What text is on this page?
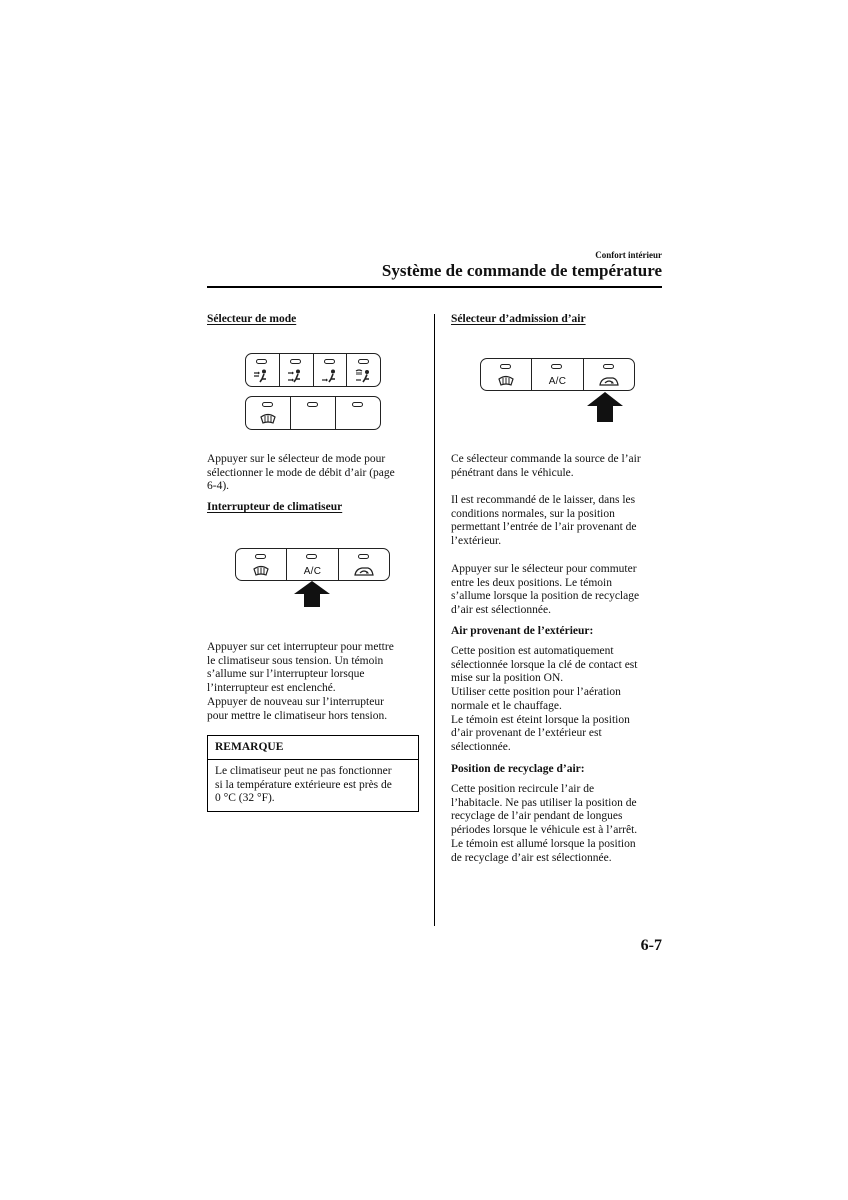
Confort intérieur
Système de commande de température
Sélecteur de mode

Appuyer sur le sélecteur de mode pour

sélectionner le mode de débit d’air (page

6-4).

Interrupteur de climatiseur
A/C

Appuyer sur cet interrupteur pour mettre

le climatiseur sous tension. Un témoin

s’allume sur l’interrupteur lorsque

l’interrupteur est enclenché.

Appuyer de nouveau sur l’interrupteur

pour mettre le climatiseur hors tension.

REMARQUE

Le climatiseur peut ne pas fonctionner

si la température extérieure est près de

0 °C (32 °F).

Sélecteur d’admission d’air
A/C

Ce sélecteur commande la source de l’air

pénétrant dans le véhicule.

Il est recommandé de le laisser, dans les

conditions normales, sur la position

permettant l’entrée de l’air provenant de

l’extérieur.

Appuyer sur le sélecteur pour commuter

entre les deux positions. Le témoin

s’allume lorsque la position de recyclage

d’air est sélectionnée.

Air provenant de l’extérieur:

Cette position est automatiquement

sélectionnée lorsque la clé de contact est

mise sur la position ON.

Utiliser cette position pour l’aération

normale et le chauffage.

Le témoin est éteint lorsque la position

d’air provenant de l’extérieur est

sélectionnée.

Position de recyclage d’air:

Cette position recircule l’air de

l’habitacle. Ne pas utiliser la position de

recyclage de l’air pendant de longues

périodes lorsque le véhicule est à l’arrêt.

Le témoin est allumé lorsque la position

de recyclage d’air est sélectionnée.

6-7
